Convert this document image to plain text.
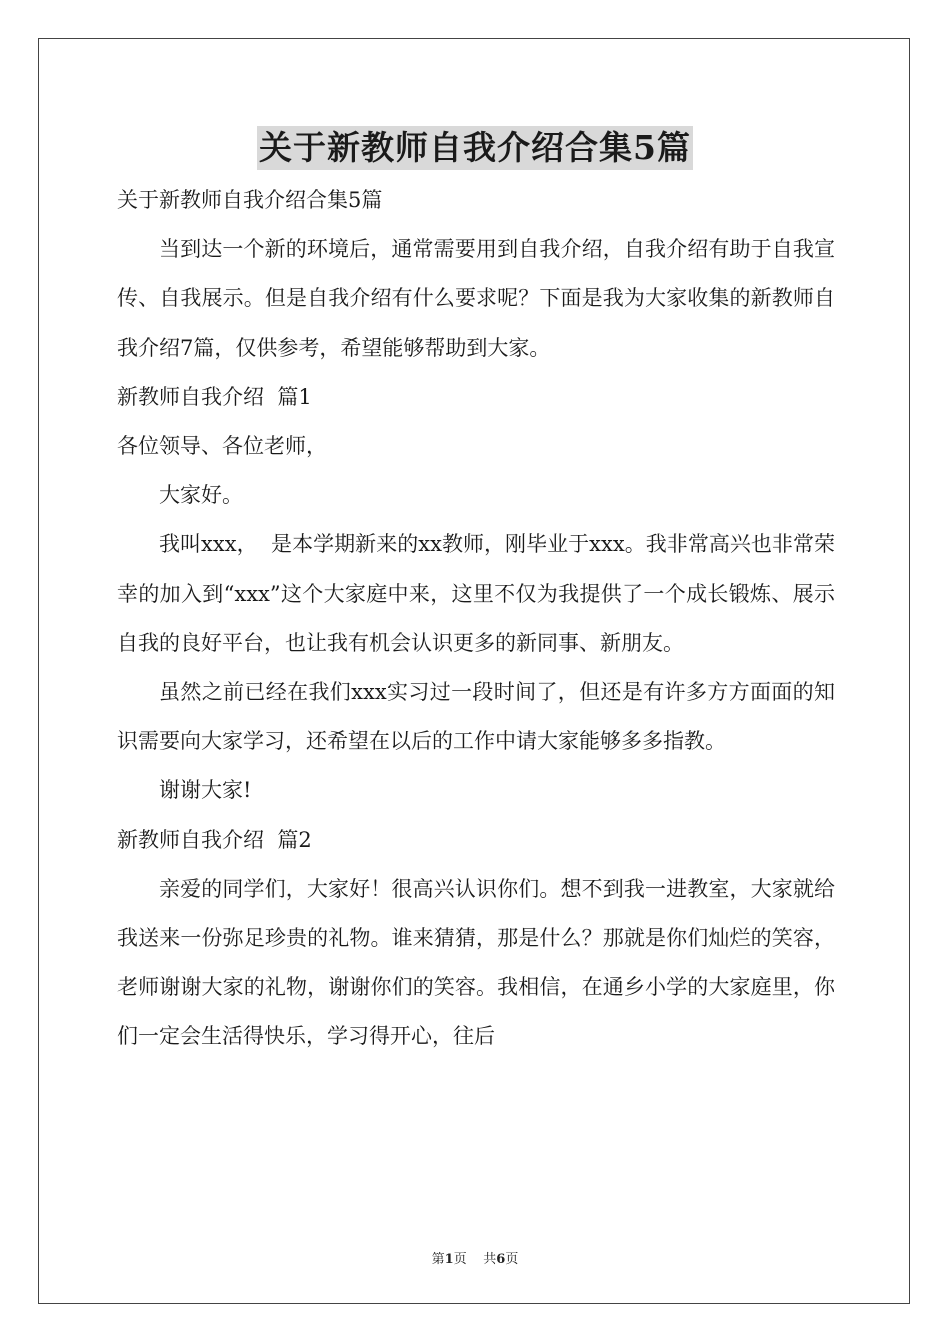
关于新教师自我介绍合集5篇

关于新教师自我介绍合集5篇

当到达一个新的环境后，通常需要用到自我介绍，自我介绍有助于自我宣传、自我展示。但是自我介绍有什么要求呢？下面是我为大家收集的新教师自我介绍7篇，仅供参考，希望能够帮助到大家。

新教师自我介绍  篇1

各位领导、各位老师，

大家好。

我叫xxx，  是本学期新来的xx教师，刚毕业于xxx。我非常高兴也非常荣幸的加入到“xxx”这个大家庭中来，这里不仅为我提供了一个成长锻炼、展示自我的良好平台，也让我有机会认识更多的新同事、新朋友。

虽然之前已经在我们xxx实习过一段时间了，但还是有许多方方面面的知识需要向大家学习，还希望在以后的工作中请大家能够多多指教。

谢谢大家!

新教师自我介绍  篇2

亲爱的同学们，大家好！很高兴认识你们。想不到我一进教室，大家就给我送来一份弥足珍贵的礼物。谁来猜猜，那是什么？那就是你们灿烂的笑容，老师谢谢大家的礼物，谢谢你们的笑容。我相信，在通乡小学的大家庭里，你们一定会生活得快乐，学习得开心，往后

第1页 共6页
